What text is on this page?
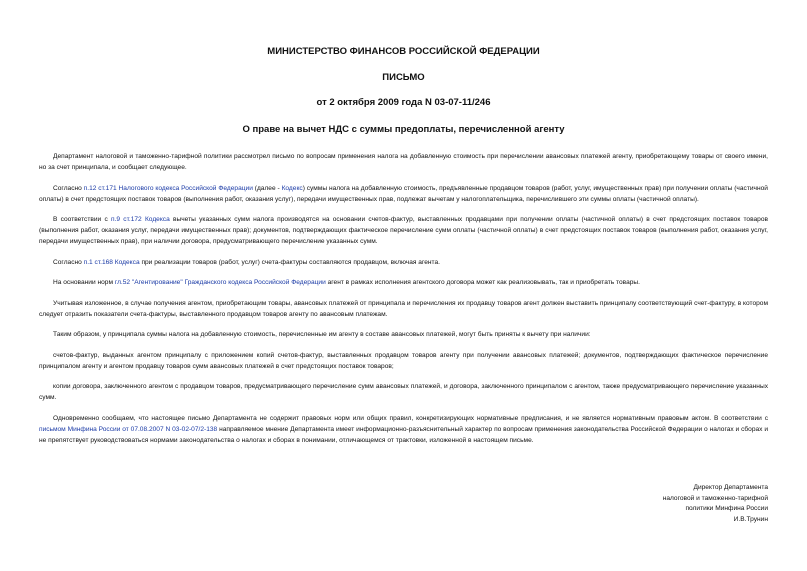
МИНИСТЕРСТВО ФИНАНСОВ РОССИЙСКОЙ ФЕДЕРАЦИИ
ПИСЬМО
от 2 октября 2009 года N 03-07-11/246
О праве на вычет НДС с суммы предоплаты, перечисленной агенту

Департамент налоговой и таможенно-тарифной политики рассмотрел письмо по вопросам применения налога на добавленную стоимость при перечислении авансовых платежей агенту, приобретающему товары от своего имени, но за счет принципала, и сообщает следующее.

Согласно п.12 ст.171 Налогового кодекса Российской Федерации (далее - Кодекс) суммы налога на добавленную стоимость, предъявленные продавцом товаров (работ, услуг, имущественных прав) при получении оплаты (частичной оплаты) в счет предстоящих поставок товаров (выполнения работ, оказания услуг), передачи имущественных прав, подлежат вычетам у налогоплательщика, перечислившего эти суммы оплаты (частичной оплаты).

В соответствии с п.9 ст.172 Кодекса вычеты указанных сумм налога производятся на основании счетов-фактур, выставленных продавцами при получении оплаты (частичной оплаты) в счет предстоящих поставок товаров (выполнения работ, оказания услуг, передачи имущественных прав); документов, подтверждающих фактическое перечисление сумм оплаты (частичной оплаты) в счет предстоящих поставок товаров (выполнения работ, оказания услуг, передачи имущественных прав), при наличии договора, предусматривающего перечисление указанных сумм.

Согласно п.1 ст.168 Кодекса при реализации товаров (работ, услуг) счета-фактуры составляются продавцом, включая агента.

На основании норм гл.52 "Агентирование" Гражданского кодекса Российской Федерации агент в рамках исполнения агентского договора может как реализовывать, так и приобретать товары.

Учитывая изложенное, в случае получения агентом, приобретающим товары, авансовых платежей от принципала и перечисления их продавцу товаров агент должен выставить принципалу соответствующий счет-фактуру, в котором следует отразить показатели счета-фактуры, выставленного продавцом товаров агенту по авансовым платежам.

Таким образом, у принципала суммы налога на добавленную стоимость, перечисленные им агенту в составе авансовых платежей, могут быть приняты к вычету при наличии:

счетов-фактур, выданных агентом принципалу с приложением копий счетов-фактур, выставленных продавцом товаров агенту при получении авансовых платежей; документов, подтверждающих фактическое перечисление принципалом агенту и агентом продавцу товаров сумм авансовых платежей в счет предстоящих поставок товаров;

копии договора, заключенного агентом с продавцом товаров, предусматривающего перечисление сумм авансовых платежей, и договора, заключенного принципалом с агентом, также предусматривающего перечисление указанных сумм.

Одновременно сообщаем, что настоящее письмо Департамента не содержит правовых норм или общих правил, конкретизирующих нормативные предписания, и не является нормативным правовым актом. В соответствии с письмом Минфина России от 07.08.2007 N 03-02-07/2-138 направляемое мнение Департамента имеет информационно-разъяснительный характер по вопросам применения законодательства Российской Федерации о налогах и сборах и не препятствует руководствоваться нормами законодательства о налогах и сборах в понимании, отличающемся от трактовки, изложенной в настоящем письме.

Директор Департамента
налоговой и таможенно-тарифной
политики Минфина России
И.В.Трунин
